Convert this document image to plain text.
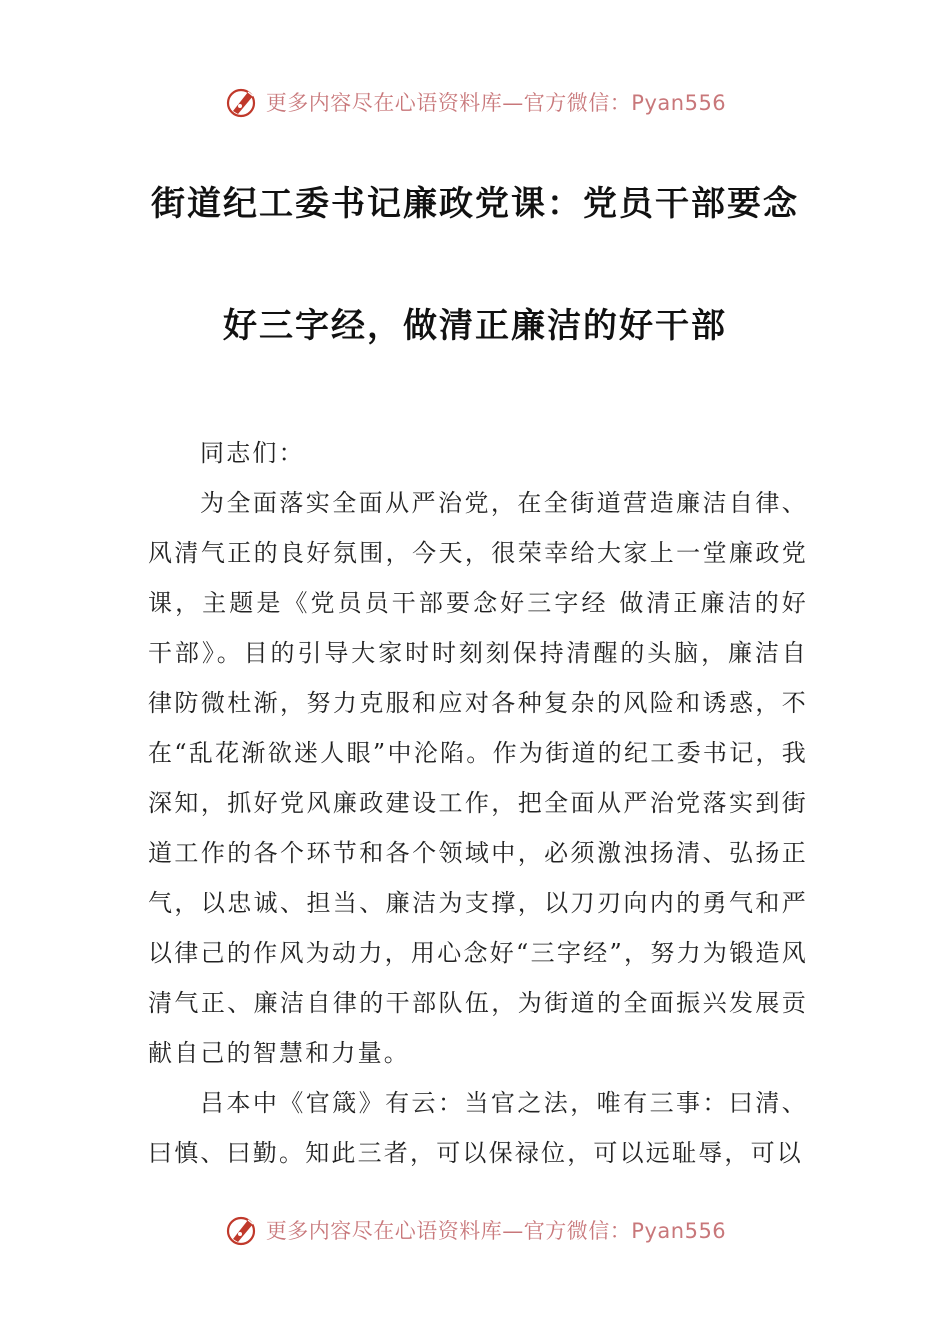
更多内容尽在心语资料库—官方微信：Pyan556
街道纪工委书记廉政党课：党员干部要念
好三字经，做清正廉洁的好干部

同志们：

为全面落实全面从严治党，在全街道营造廉洁自律、风清气正的良好氛围，今天，很荣幸给大家上一堂廉政党课，主题是《党员员干部要念好三字经 做清正廉洁的好干部》。目的引导大家时时刻刻保持清醒的头脑，廉洁自律防微杜渐，努力克服和应对各种复杂的风险和诱惑，不在“乱花渐欲迷人眼”中沦陷。作为街道的纪工委书记，我深知，抓好党风廉政建设工作，把全面从严治党落实到街道工作的各个环节和各个领域中，必须激浊扬清、弘扬正气，以忠诚、担当、廉洁为支撑，以刀刃向内的勇气和严以律己的作风为动力，用心念好“三字经”，努力为锻造风清气正、廉洁自律的干部队伍，为街道的全面振兴发展贡献自己的智慧和力量。

吕本中《官箴》有云：当官之法，唯有三事：曰清、曰慎、曰勤。知此三者，可以保禄位，可以远耻辱，可以

更多内容尽在心语资料库—官方微信：Pyan556
